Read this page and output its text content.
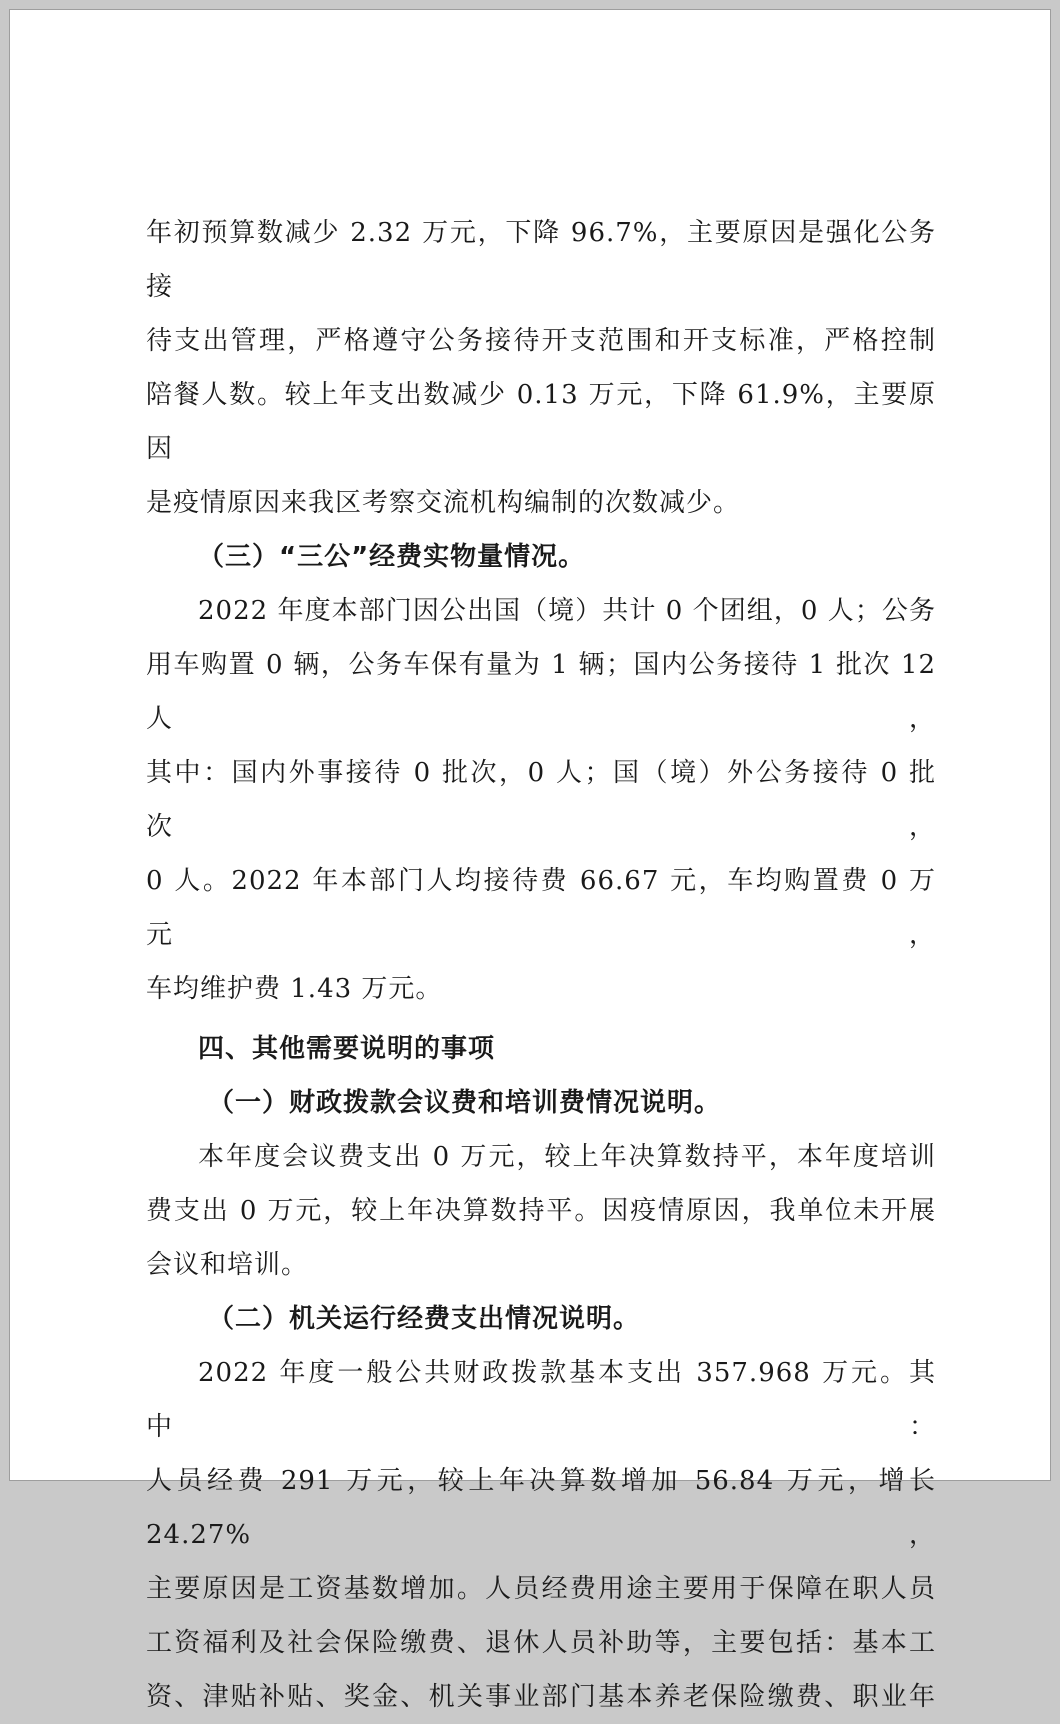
年初预算数减少 2.32 万元，下降 96.7%，主要原因是强化公务接

待支出管理，严格遵守公务接待开支范围和开支标准，严格控制

陪餐人数。较上年支出数减少 0.13 万元，下降 61.9%，主要原因

是疫情原因来我区考察交流机构编制的次数减少。

（三）“三公”经费实物量情况。

2022 年度本部门因公出国（境）共计 0 个团组，0 人；公务

用车购置 0 辆，公务车保有量为 1 辆；国内公务接待 1 批次 12 人，

其中：国内外事接待 0 批次，0 人；国（境）外公务接待 0 批次，

0 人。2022 年本部门人均接待费 66.67 元，车均购置费 0 万元，

车均维护费 1.43 万元。

四、其他需要说明的事项
（一）财政拨款会议费和培训费情况说明。

本年度会议费支出 0 万元，较上年决算数持平，本年度培训

费支出 0 万元，较上年决算数持平。因疫情原因，我单位未开展

会议和培训。

（二）机关运行经费支出情况说明。

2022 年度一般公共财政拨款基本支出 357.968 万元。其中：

人员经费 291 万元，较上年决算数增加 56.84 万元，增长 24.27%，

主要原因是工资基数增加。人员经费用途主要用于保障在职人员

工资福利及社会保险缴费、退休人员补助等，主要包括：基本工

资、津贴补贴、奖金、机关事业部门基本养老保险缴费、职业年
